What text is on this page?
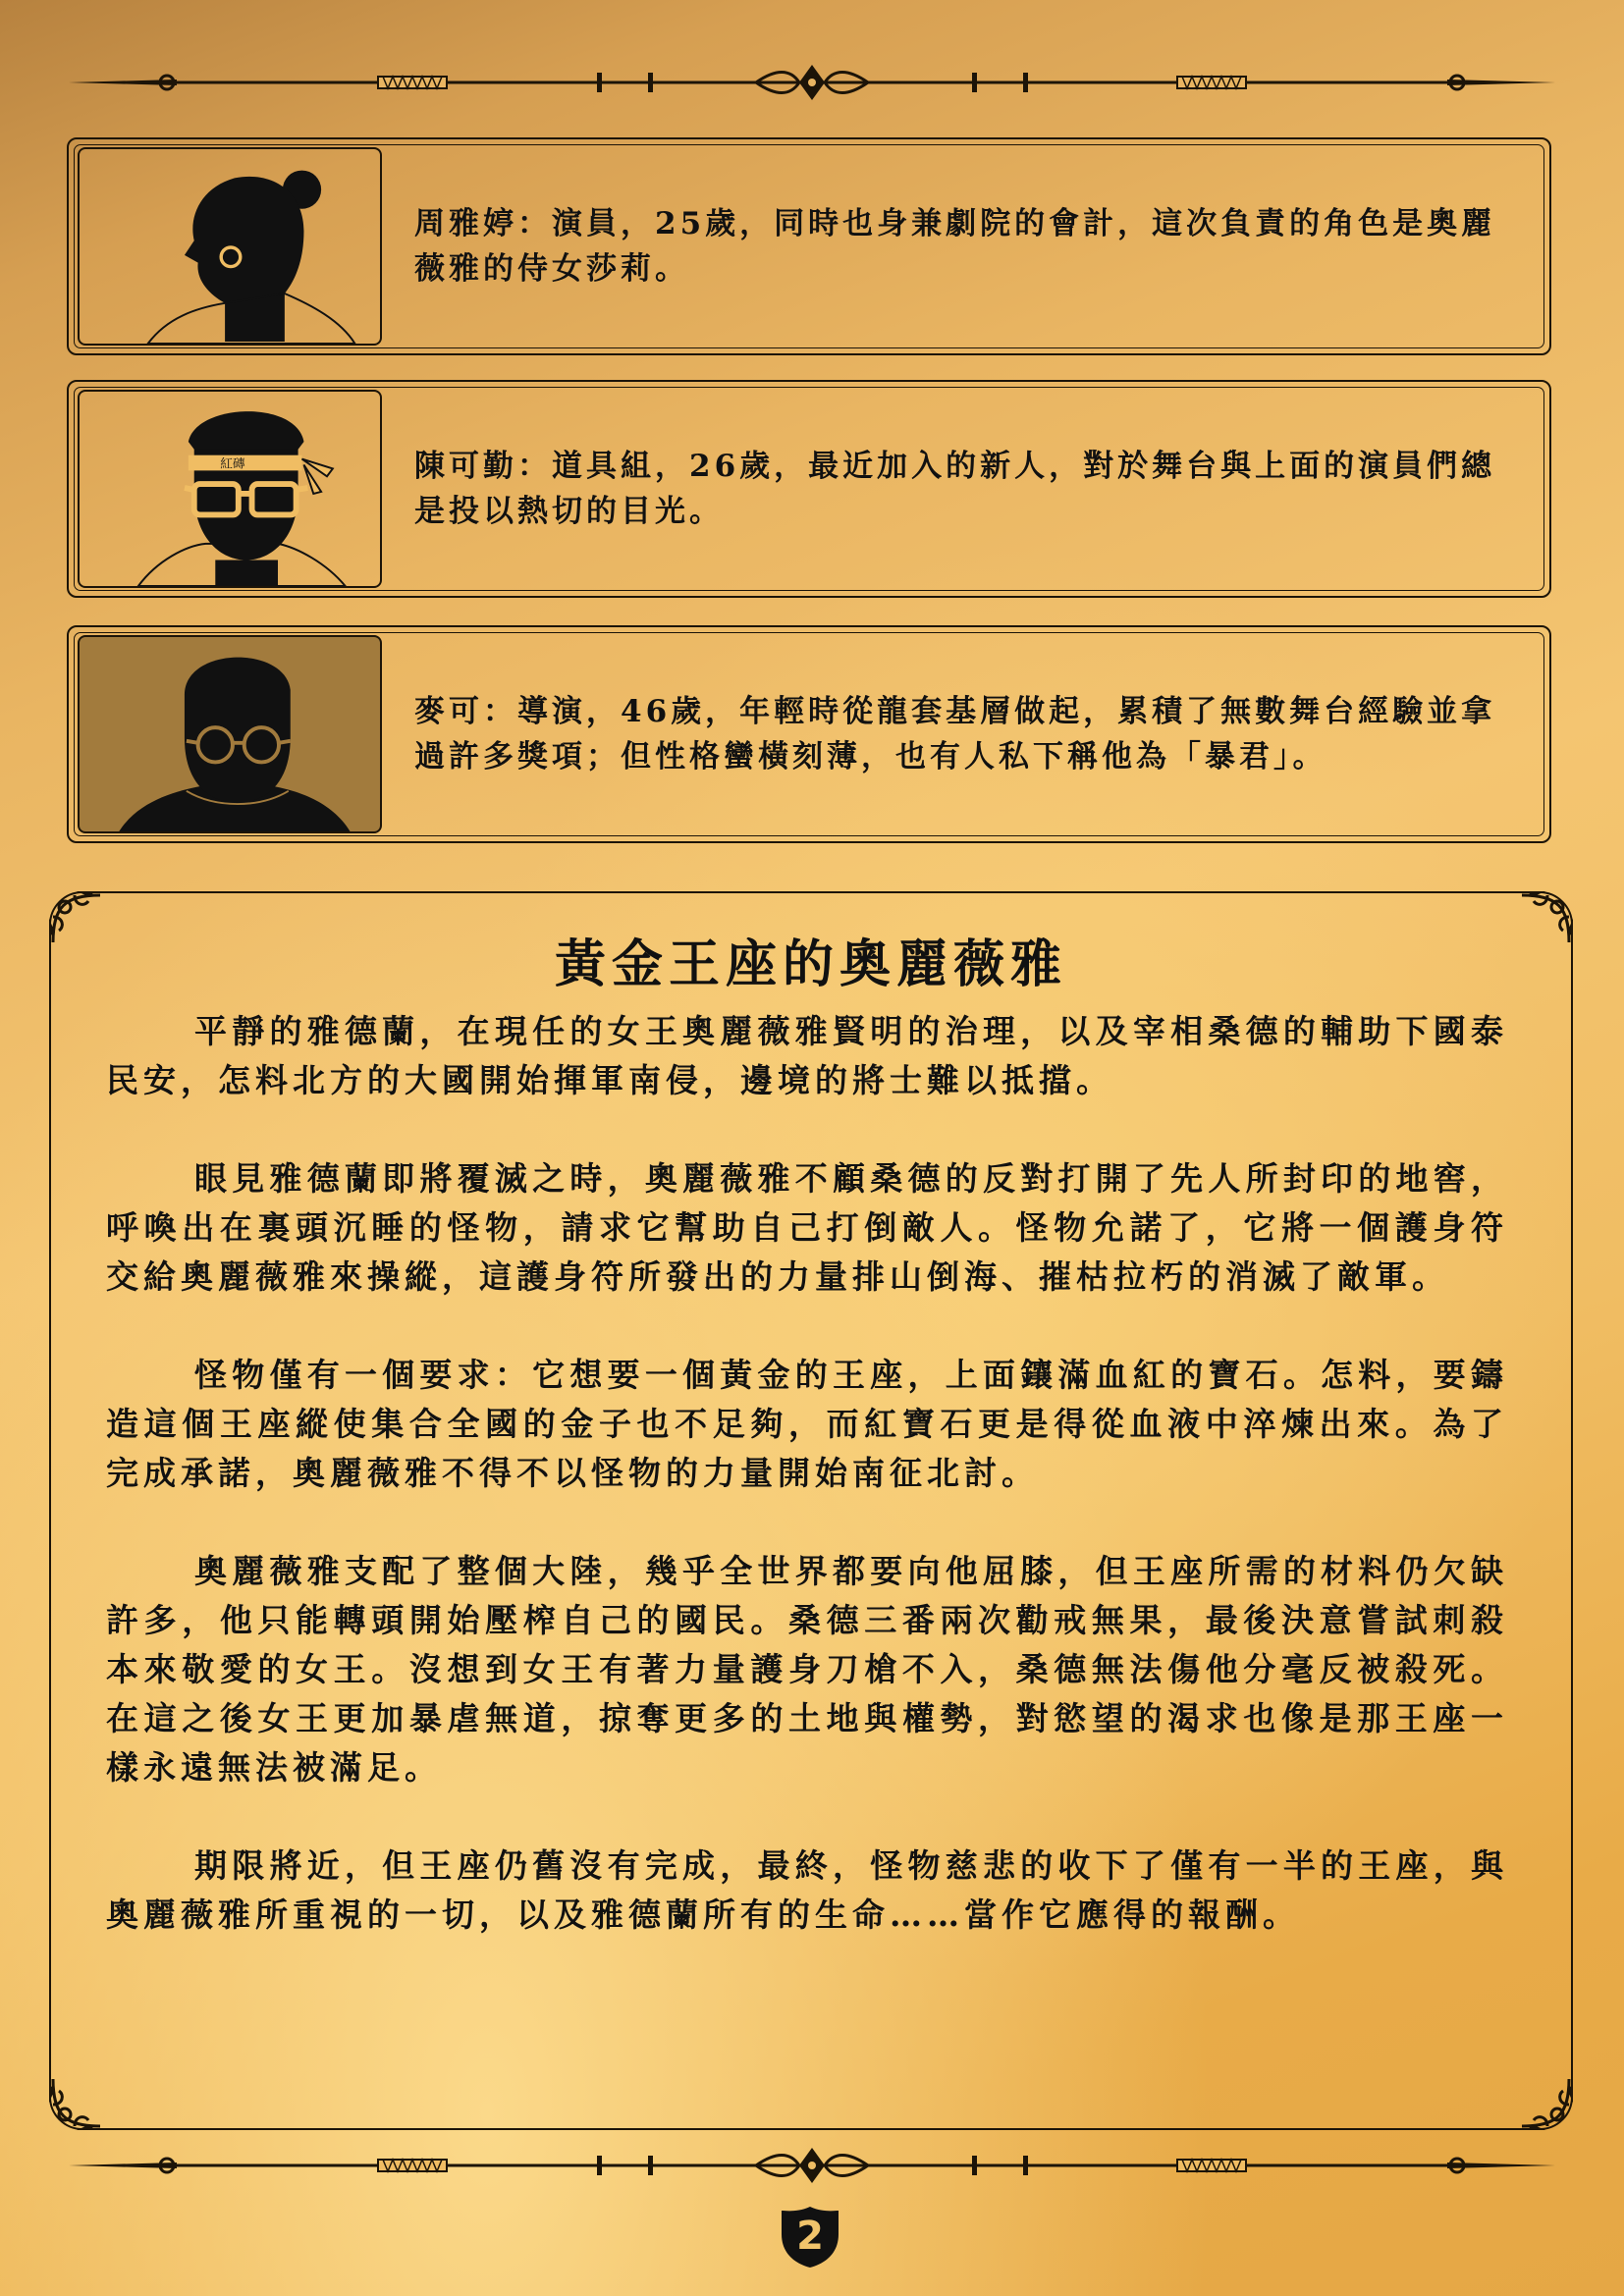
周雅婷：演員，25歲，同時也身兼劇院的會計，這次負責的角色是奧麗薇雅的侍女莎莉。
紅磚	陳可勤：道具組，26歲，最近加入的新人，對於舞台與上面的演員們總是投以熱切的目光。
麥可：導演，46歲，年輕時從龍套基層做起，累積了無數舞台經驗並拿過許多獎項；但性格蠻橫刻薄，也有人私下稱他為「暴君」。
黃金王座的奧麗薇雅

平靜的雅德蘭，在現任的女王奧麗薇雅賢明的治理，以及宰相桑德的輔助下國泰民安，怎料北方的大國開始揮軍南侵，邊境的將士難以抵擋。

眼見雅德蘭即將覆滅之時，奧麗薇雅不顧桑德的反對打開了先人所封印的地窖，呼喚出在裏頭沉睡的怪物，請求它幫助自己打倒敵人。怪物允諾了，它將一個護身符交給奧麗薇雅來操縱，這護身符所發出的力量排山倒海、摧枯拉朽的消滅了敵軍。

怪物僅有一個要求：它想要一個黃金的王座，上面鑲滿血紅的寶石。怎料，要鑄造這個王座縱使集合全國的金子也不足夠，而紅寶石更是得從血液中淬煉出來。為了完成承諾，奧麗薇雅不得不以怪物的力量開始南征北討。

奧麗薇雅支配了整個大陸，幾乎全世界都要向他屈膝，但王座所需的材料仍欠缺許多，他只能轉頭開始壓榨自己的國民。桑德三番兩次勸戒無果，最後決意嘗試刺殺本來敬愛的女王。沒想到女王有著力量護身刀槍不入，桑德無法傷他分毫反被殺死。在這之後女王更加暴虐無道，掠奪更多的土地與權勢，對慾望的渴求也像是那王座一樣永遠無法被滿足。

期限將近，但王座仍舊沒有完成，最終，怪物慈悲的收下了僅有一半的王座，與奧麗薇雅所重視的一切，以及雅德蘭所有的生命……當作它應得的報酬。

2
